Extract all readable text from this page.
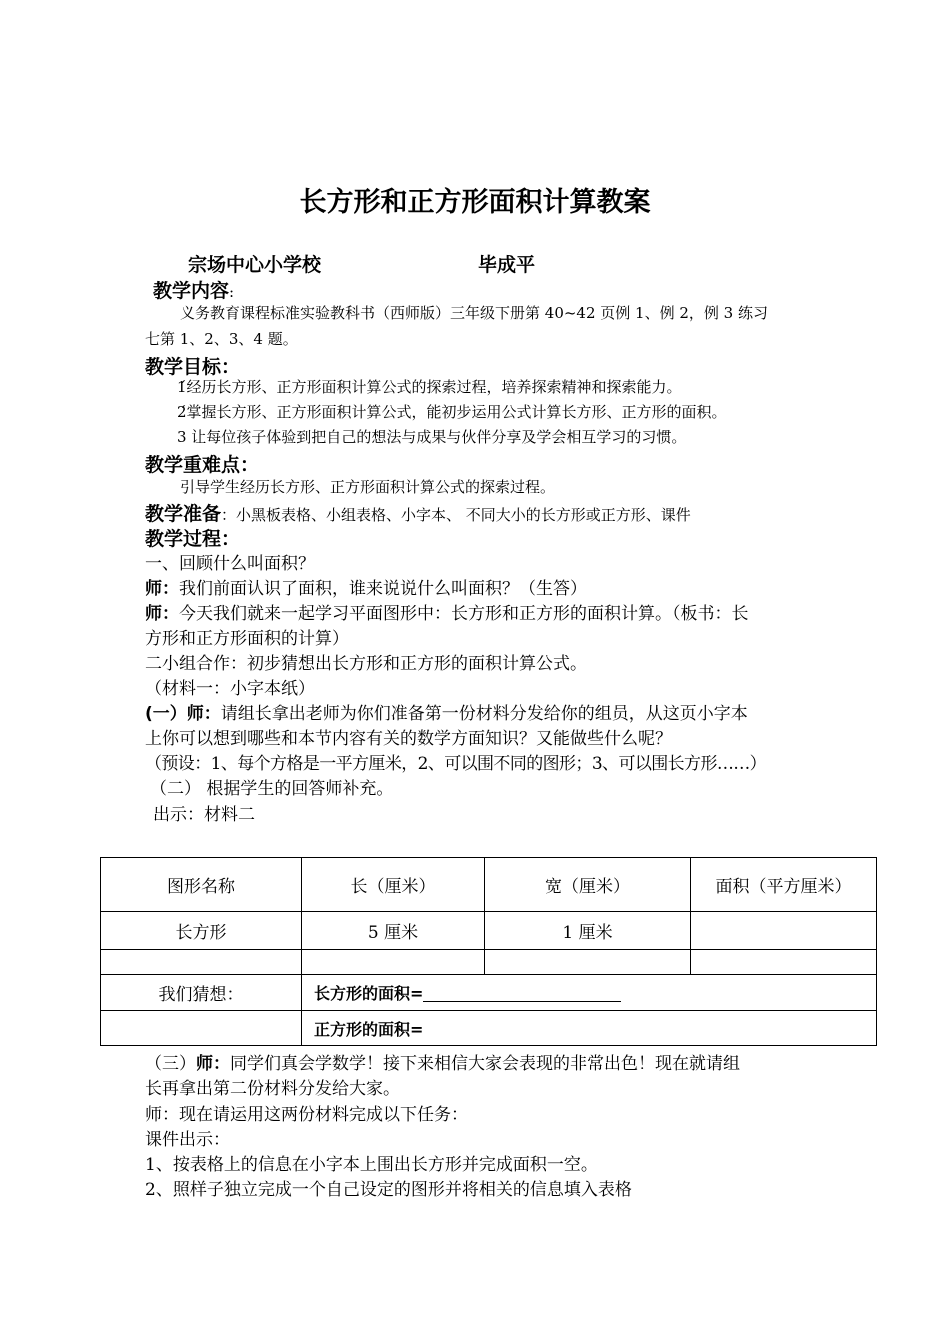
长方形和正方形面积计算教案
宗场中心小学校	毕成平
教学内容:
义务教育课程标准实验教科书（西师版）三年级下册第 40~42 页例 1、例 2，例 3 练习
七第 1、2、3、4 题。
教学目标：
1́经历长方形、正方形面积计算公式的探索过程，培养探索精神和探索能力。
2́掌握长方形、正方形面积计算公式，能初步运用公式计算长方形、正方形的面积。
3 让每位孩子体验到把自己的想法与成果与伙伴分享及学会相互学习的习惯。
教学重难点：
引导学生经历长方形、正方形面积计算公式的探索过程。
教学准备：小黑板表格、小组表格、小字本、 不同大小的长方形或正方形、课件
教学过程：
一、回顾什么叫面积？
师：我们前面认识了面积，谁来说说什么叫面积？（生答）
师：今天我们就来一起学习平面图形中：长方形和正方形的面积计算。（板书：长
方形和正方形面积的计算）
二小组合作：初步猜想出长方形和正方形的面积计算公式。
（材料一：小字本纸）
(一）师：请组长拿出老师为你们准备第一份材料分发给你的组员，从这页小字本
上你可以想到哪些和本节内容有关的数学方面知识？又能做些什么呢？
（预设：1、每个方格是一平方厘米，2、可以围不同的图形；3、可以围长方形……）
（二） 根据学生的回答师补充。
出示：材料二
图形名称	长（厘米）	宽（厘米）	面积（平方厘米）
长方形	5 厘米	1 厘米	

我们猜想：	长方形的面积=		
	正方形的面积=		
（三）师：同学们真会学数学！接下来相信大家会表现的非常出色！现在就请组
长再拿出第二份材料分发给大家。
师：现在请运用这两份材料完成以下任务：
课件出示：
1、按表格上的信息在小字本上围出长方形并完成面积一空。
2、照样子独立完成一个自己设定的图形并将相关的信息填入表格
